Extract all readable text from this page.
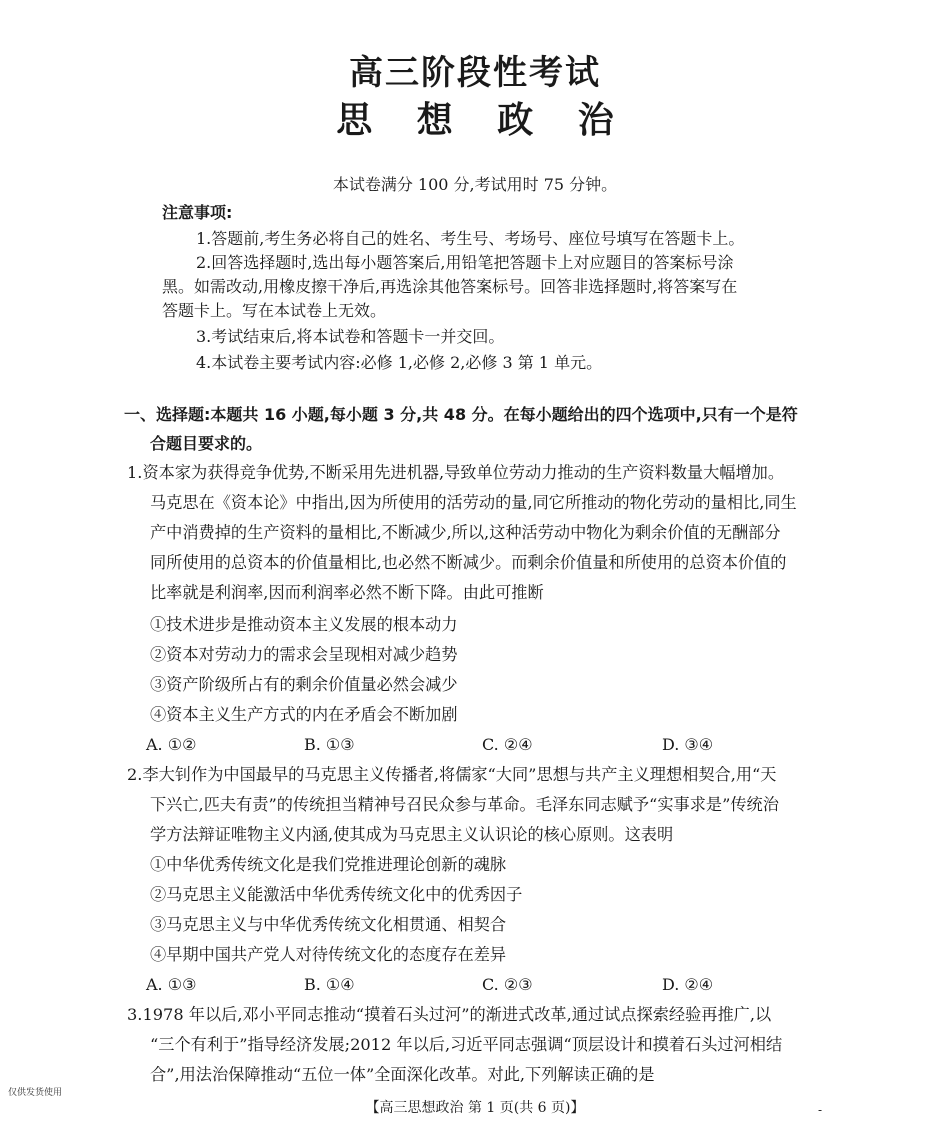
高三阶段性考试
思 想 政 治
本试卷满分 100 分,考试用时 75 分钟。
注意事项:
1.答题前,考生务必将自己的姓名、考生号、考场号、座位号填写在答题卡上。
2.回答选择题时,选出每小题答案后,用铅笔把答题卡上对应题目的答案标号涂
黑。如需改动,用橡皮擦干净后,再选涂其他答案标号。回答非选择题时,将答案写在
答题卡上。写在本试卷上无效。
3.考试结束后,将本试卷和答题卡一并交回。
4.本试卷主要考试内容:必修 1,必修 2,必修 3 第 1 单元。
一、选择题:本题共 16 小题,每小题 3 分,共 48 分。在每小题给出的四个选项中,只有一个是符
合题目要求的。
1.资本家为获得竞争优势,不断采用先进机器,导致单位劳动力推动的生产资料数量大幅增加。
马克思在《资本论》中指出,因为所使用的活劳动的量,同它所推动的物化劳动的量相比,同生
产中消费掉的生产资料的量相比,不断减少,所以,这种活劳动中物化为剩余价值的无酬部分
同所使用的总资本的价值量相比,也必然不断减少。而剩余价值量和所使用的总资本价值的
比率就是利润率,因而利润率必然不断下降。由此可推断
①技术进步是推动资本主义发展的根本动力
②资本对劳动力的需求会呈现相对减少趋势
③资产阶级所占有的剩余价值量必然会减少
④资本主义生产方式的内在矛盾会不断加剧
A. ①②	B. ①③	C. ②④	D. ③④
2.李大钊作为中国最早的马克思主义传播者,将儒家“大同”思想与共产主义理想相契合,用“天
下兴亡,匹夫有责”的传统担当精神号召民众参与革命。毛泽东同志赋予“实事求是”传统治
学方法辩证唯物主义内涵,使其成为马克思主义认识论的核心原则。这表明
①中华优秀传统文化是我们党推进理论创新的魂脉
②马克思主义能激活中华优秀传统文化中的优秀因子
③马克思主义与中华优秀传统文化相贯通、相契合
④早期中国共产党人对待传统文化的态度存在差异
A. ①③	B. ①④	C. ②③	D. ②④
3.1978 年以后,邓小平同志推动“摸着石头过河”的渐进式改革,通过试点探索经验再推广,以
“三个有利于”指导经济发展;2012 年以后,习近平同志强调“顶层设计和摸着石头过河相结
合”,用法治保障推动“五位一体”全面深化改革。对此,下列解读正确的是
仅供发货使用
【高三思想政治 第 1 页(共 6 页)】	-
